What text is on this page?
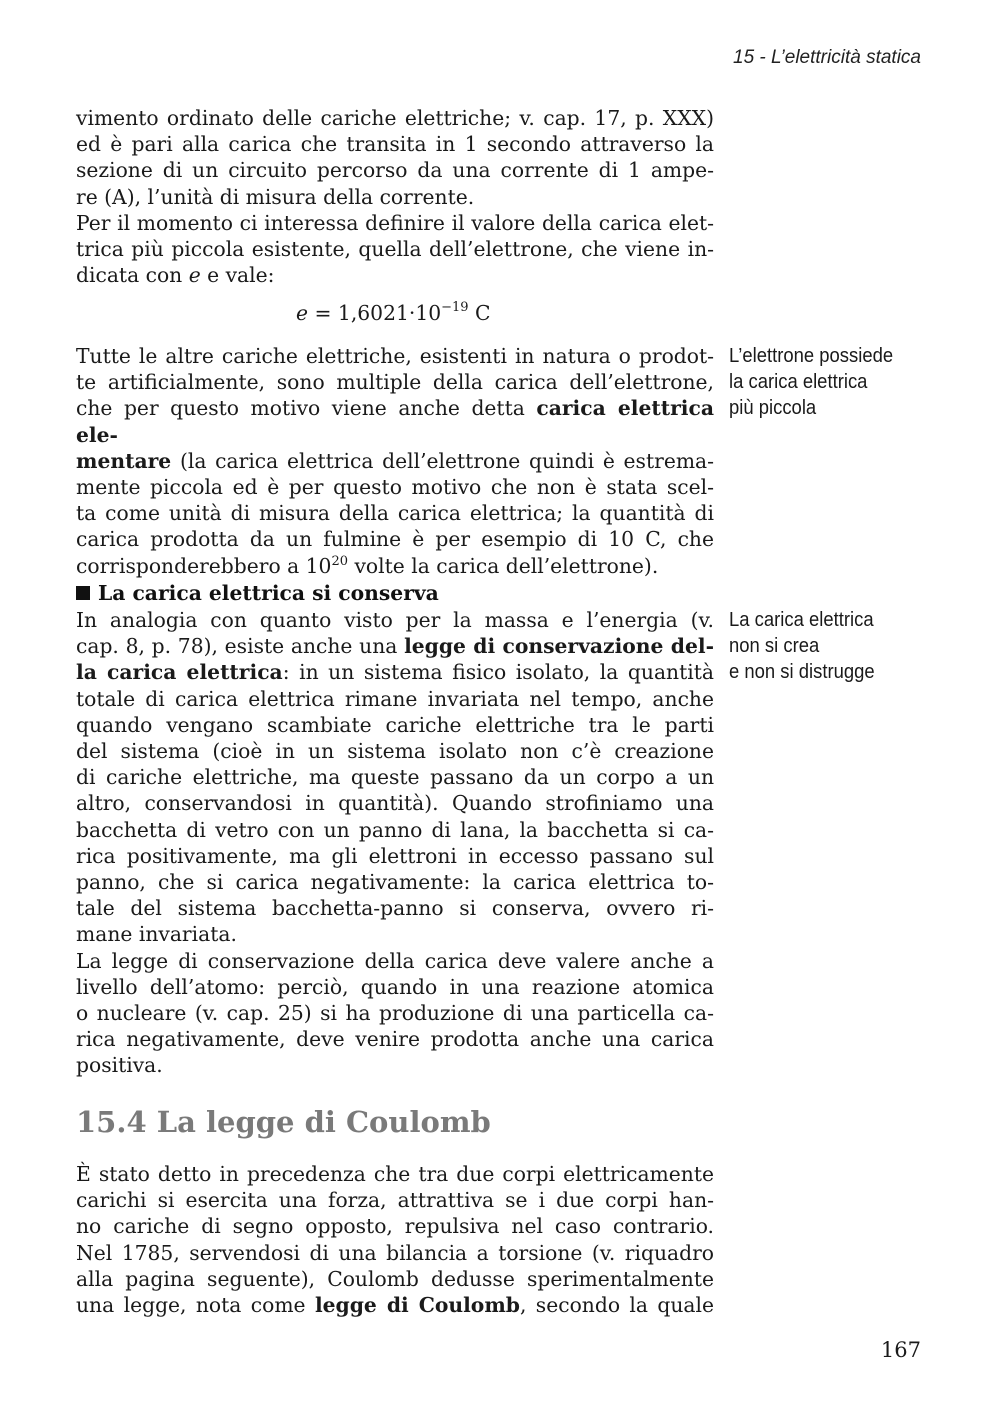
15 - L’elettricità statica

vimento ordinato delle cariche elettriche; v. cap. 17, p. XXX)

ed è pari alla carica che transita in 1 secondo attraverso la

sezione di un circuito percorso da una corrente di 1 ampe-

re (A), l’unità di misura della corrente.

Per il momento ci interessa definire il valore della carica elet-

trica più piccola esistente, quella dell’elettrone, che viene in-

dicata con e e vale:

$e = 1,6021\cdot 10^{-19}$ C

Tutte le altre cariche elettriche, esistenti in natura o prodot-

te artificialmente, sono multiple della carica dell’elettrone,

che per questo motivo viene anche detta carica elettrica ele-

mentare (la carica elettrica dell’elettrone quindi è estrema-

mente piccola ed è per questo motivo che non è stata scel-

ta come unità di misura della carica elettrica; la quantità di

carica prodotta da un fulmine è per esempio di 10 C, che

corrisponderebbero a $10^{20}$ volte la carica dell’elettrone).

L’elettrone possiede
la carica elettrica
più piccola
La carica elettrica si conserva

In analogia con quanto visto per la massa e l’energia (v.

cap. 8, p. 78), esiste anche una legge di conservazione del-

la carica elettrica: in un sistema fisico isolato, la quantità

totale di carica elettrica rimane invariata nel tempo, anche

quando vengano scambiate cariche elettriche tra le parti

del sistema (cioè in un sistema isolato non c’è creazione

di cariche elettriche, ma queste passano da un corpo a un

altro, conservandosi in quantità). Quando strofiniamo una

bacchetta di vetro con un panno di lana, la bacchetta si ca-

rica positivamente, ma gli elettroni in eccesso passano sul

panno, che si carica negativamente: la carica elettrica to-

tale del sistema bacchetta-panno si conserva, ovvero ri-

mane invariata.

La legge di conservazione della carica deve valere anche a

livello dell’atomo: perciò, quando in una reazione atomica

o nucleare (v. cap. 25) si ha produzione di una particella ca-

rica negativamente, deve venire prodotta anche una carica

positiva.

La carica elettrica
non si crea
e non si distrugge
15.4 La legge di Coulomb

È stato detto in precedenza che tra due corpi elettricamente

carichi si esercita una forza, attrattiva se i due corpi han-

no cariche di segno opposto, repulsiva nel caso contrario.

Nel 1785, servendosi di una bilancia a torsione (v. riquadro

alla pagina seguente), Coulomb dedusse sperimentalmente

una legge, nota come legge di Coulomb, secondo la quale

167
